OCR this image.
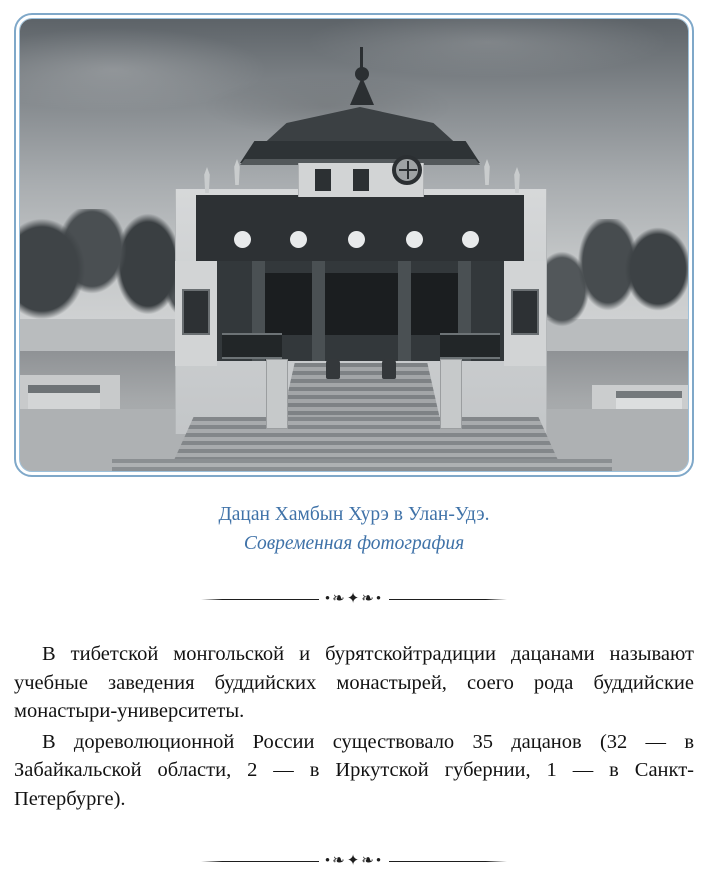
Дацан Хамбын Хурэ в Улан-Удэ.
Современная фотография
•❧✦❧•

В тибетской монгольской и бурятскойтрадиции дацанами называют учебные заведения буддийских монастырей, соего рода буддийские монастыри-университеты.

В дореволюционной России существовало 35 дацанов (32 — в Забайкальской области, 2 — в Иркутской губернии, 1 — в Санкт-Петербурге).

•❧✦❧•
